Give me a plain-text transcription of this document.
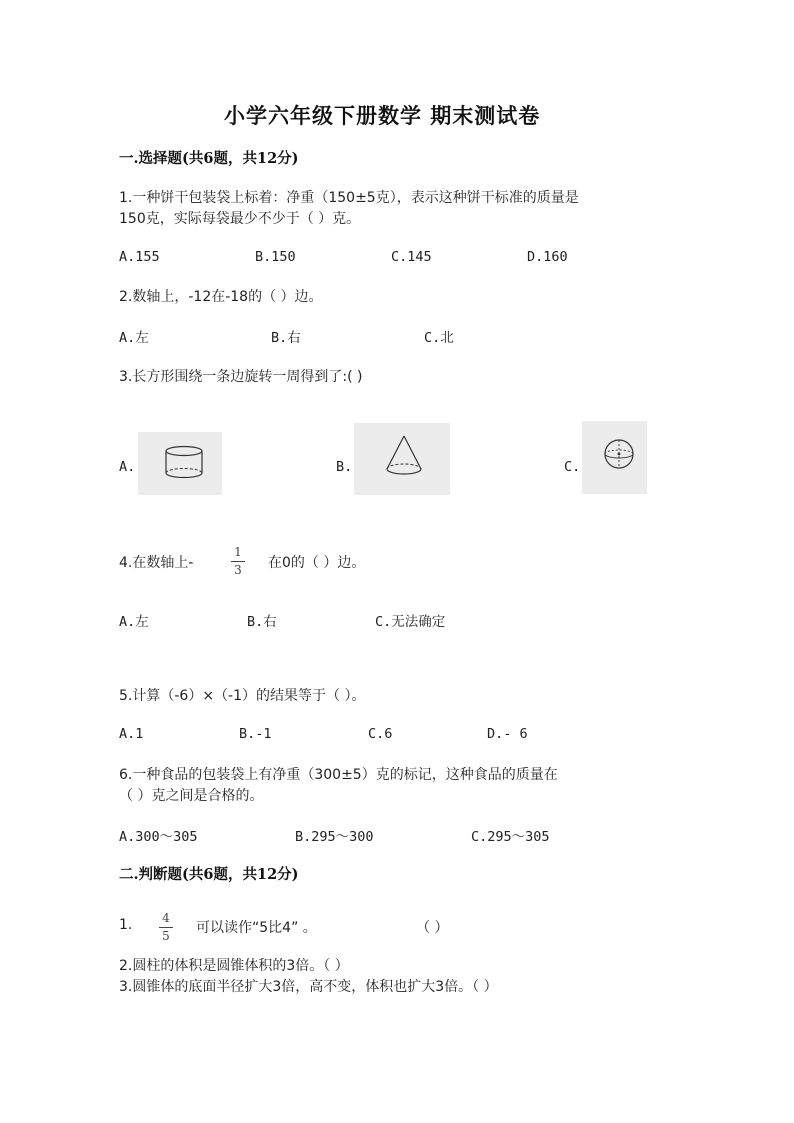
小学六年级下册数学 期末测试卷
一.选择题(共6题，共12分)
1.一种饼干包装袋上标着：净重（150±5克），表示这种饼干标准的质量是
150克，实际每袋最少不少于（ ）克。
A.155	B.150	C.145	D.160
2.数轴上，-12在-18的（ ）边。
A.左	B.右	C.北
3.长方形围绕一条边旋转一周得到了:( )
A.	B.	C.
4.在数轴上-
1
3 在0的（ ）边。
A.左	B.右	C.无法确定
5.计算（-6）×（-1）的结果等于（ ）。
A.1	B.-1	C.6	D.- 6
6.一种食品的包装袋上有净重（300±5）克的标记，这种食品的质量在
（ ）克之间是合格的。
A.300～305	B.295～300	C.295～305
二.判断题(共6题，共12分)
1. 4
5 可以读作“5比4” 。	（ ）
2.圆柱的体积是圆锥体积的3倍。（ ）
3.圆锥体的底面半径扩大3倍，高不变，体积也扩大3倍。（ ）
